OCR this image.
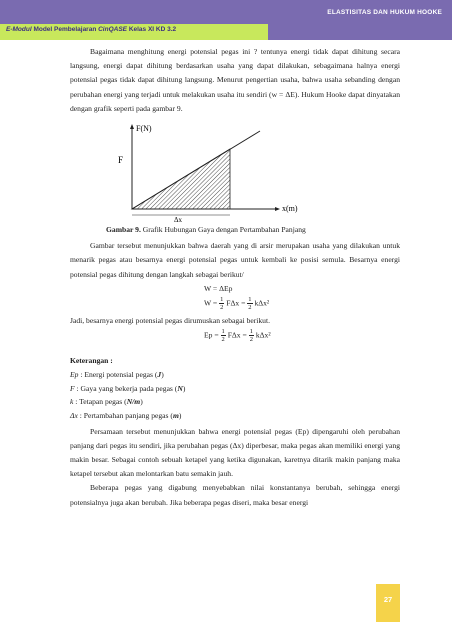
E-Modul Model Pembelajaran CinQASE Kelas XI KD 3.2
ELASTISITAS DAN HUKUM HOOKE

Bagaimana menghitung energi potensial pegas ini ? tentunya energi tidak dapat dihitung secara langsung, energi dapat dihitung berdasarkan usaha yang dapat dilakukan, sebagaimana halnya energi potensial pegas tidak dapat dihitung langsung. Menurut pengertian usaha, bahwa usaha sebanding dengan perubahan energi yang terjadi untuk melakukan usaha itu sendiri (w = ΔE). Hukum Hooke dapat dinyatakan dengan grafik seperti pada gambar 9.

F(N)
F
x(m)
Δx
Gambar 9. Grafik Hubungan Gaya dengan Pertambahan Panjang

Gambar tersebut menunjukkan bahwa daerah yang di arsir merupakan usaha yang dilakukan untuk menarik pegas atau besarnya energi potensial pegas untuk kembali ke posisi semula. Besarnya energi potensial pegas dihitung dengan langkah sebagai berikut/

W = ΔEp
$W = \frac{1}{2}$ $F\Delta x = \frac{1}{2} k\Delta x^2$

Jadi, besarnya energi potensial pegas dirumuskan sebagai berikut.

$Ep = \frac{1}{2}$ $F\Delta x = \frac{1}{2} k\Delta x^2$
Keterangan :
Ep : Energi potensial pegas (J)
F : Gaya yang bekerja pada pegas (N)
k : Tetapan pegas (N/m)
Δx : Pertambahan panjang pegas (m)

Persamaan tersebut menunjukkan bahwa energi potensial pegas (Ep) dipengaruhi oleh perubahan panjang dari pegas itu sendiri, jika perubahan pegas (Δx) diperbesar, maka pegas akan memiliki energi yang makin besar. Sebagai contoh sebuah ketapel yang ketika digunakan, karetnya ditarik makin panjang maka ketapel tersebut akan melontarkan batu semakin jauh.

Beberapa pegas yang digabung menyebabkan nilai konstantanya berubah, sehingga energi potensialnya juga akan berubah. Jika beberapa pegas diseri, maka besar energi

27
